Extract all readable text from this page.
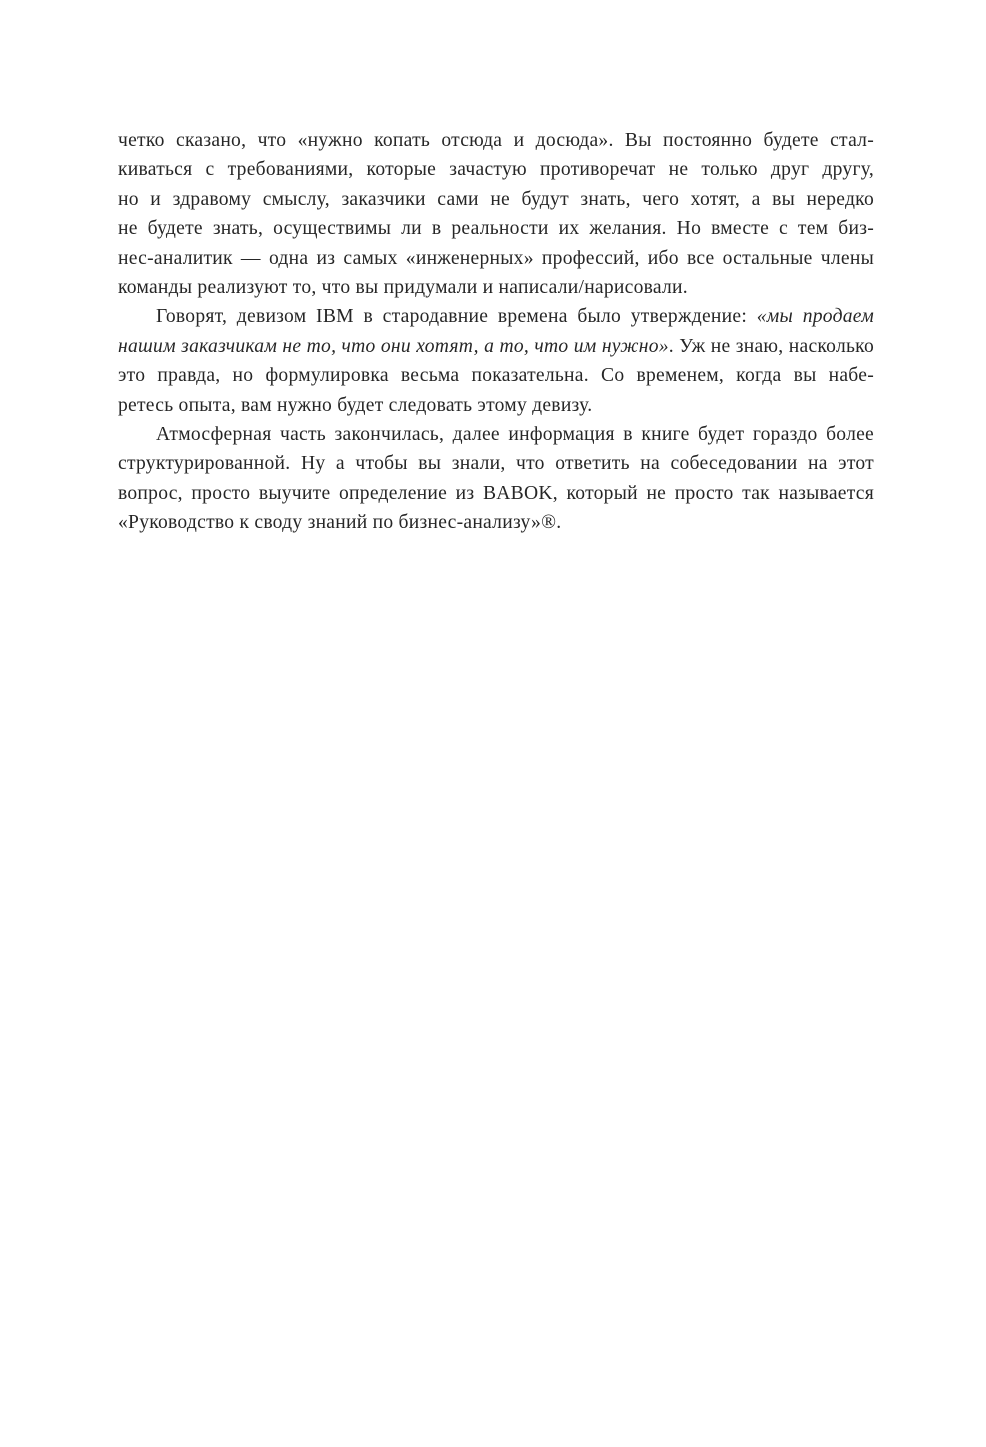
четко сказано, что «нужно копать отсюда и досюда». Вы постоянно будете стал-
киваться с требованиями, которые зачастую противоречат не только друг другу,
но и здравому смыслу, заказчики сами не будут знать, чего хотят, а вы нередко
не будете знать, осуществимы ли в реальности их желания. Но вместе с тем биз-
нес-аналитик — одна из самых «инженерных» профессий, ибо все остальные члены
команды реализуют то, что вы придумали и написали/нарисовали.

Говорят, девизом IBM в стародавние времена было утверждение: «мы продаем
нашим заказчикам не то, что они хотят, а то, что им нужно». Уж не знаю, насколько
это правда, но формулировка весьма показательна. Со временем, когда вы набе-
ретесь опыта, вам нужно будет следовать этому девизу.

Атмосферная часть закончилась, далее информация в книге будет гораздо более
структурированной. Ну а чтобы вы знали, что ответить на собеседовании на этот
вопрос, просто выучите определение из BABOK, который не просто так называется
«Руководство к своду знаний по бизнес-анализу»®.
